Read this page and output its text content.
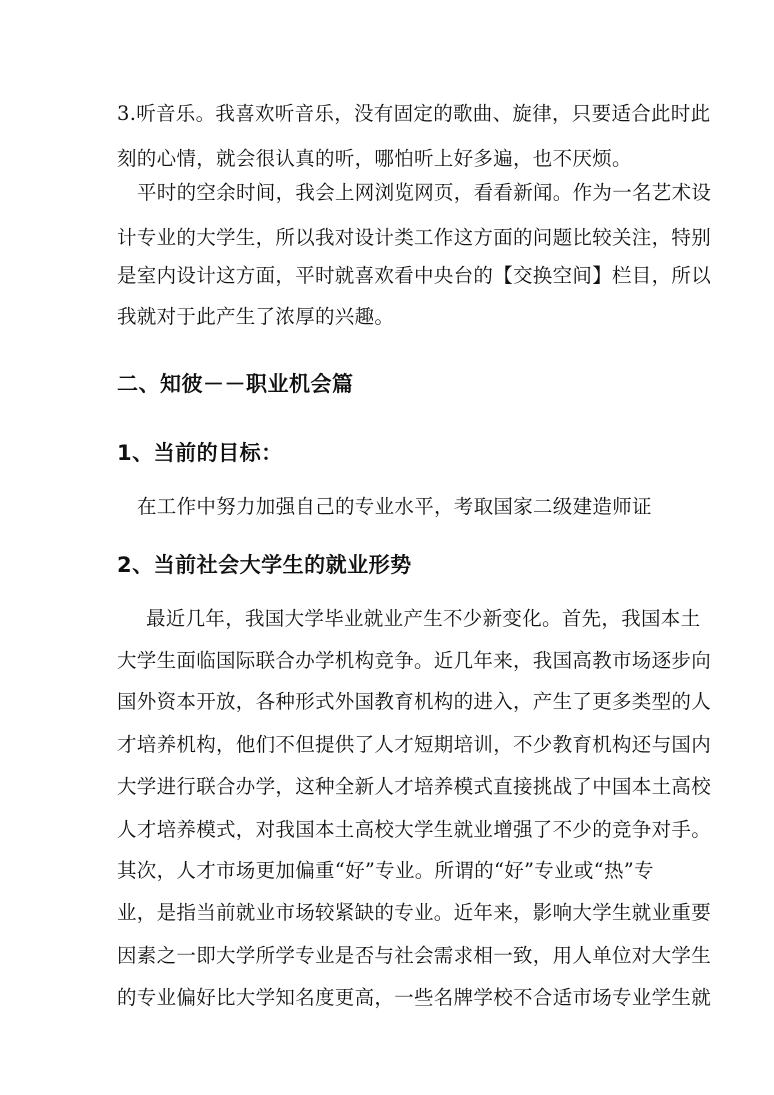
3.听音乐。我喜欢听音乐，没有固定的歌曲、旋律，只要适合此时此
刻的心情，就会很认真的听，哪怕听上好多遍，也不厌烦。
平时的空余时间，我会上网浏览网页，看看新闻。作为一名艺术设
计专业的大学生，所以我对设计类工作这方面的问题比较关注，特别
是室内设计这方面，平时就喜欢看中央台的【交换空间】栏目，所以
我就对于此产生了浓厚的兴趣。
二、知彼－－职业机会篇
1、当前的目标：
在工作中努力加强自己的专业水平，考取国家二级建造师证
2、当前社会大学生的就业形势
最近几年，我国大学毕业就业产生不少新变化。首先，我国本土
大学生面临国际联合办学机构竞争。近几年来，我国高教市场逐步向
国外资本开放，各种形式外国教育机构的进入，产生了更多类型的人
才培养机构，他们不但提供了人才短期培训，不少教育机构还与国内
大学进行联合办学，这种全新人才培养模式直接挑战了中国本土高校
人才培养模式，对我国本土高校大学生就业增强了不少的竞争对手。
其次，人才市场更加偏重“好”专业。所谓的“好”专业或“热”专
业，是指当前就业市场较紧缺的专业。近年来，影响大学生就业重要
因素之一即大学所学专业是否与社会需求相一致，用人单位对大学生
的专业偏好比大学知名度更高，一些名牌学校不合适市场专业学生就
